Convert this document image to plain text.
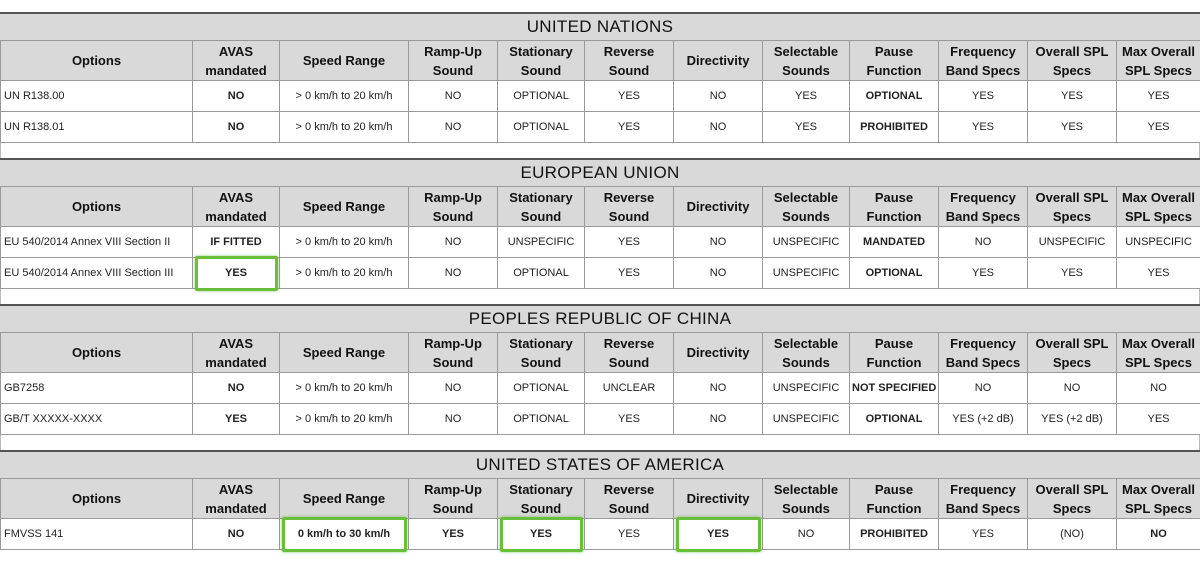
UNITED NATIONS
Options	AVAS mandated	Speed Range	Ramp-Up Sound	Stationary Sound	Reverse Sound	Directivity	Selectable Sounds	Pause Function	Frequency Band Specs	Overall SPL Specs	Max Overall SPL Specs
UN R138.00	NO	> 0 km/h to 20 km/h	NO	OPTIONAL	YES	NO	YES	OPTIONAL	YES	YES	YES
UN R138.01	NO	> 0 km/h to 20 km/h	NO	OPTIONAL	YES	NO	YES	PROHIBITED	YES	YES	YES
EUROPEAN UNION
Options	AVAS mandated	Speed Range	Ramp-Up Sound	Stationary Sound	Reverse Sound	Directivity	Selectable Sounds	Pause Function	Frequency Band Specs	Overall SPL Specs	Max Overall SPL Specs
EU 540/2014 Annex VIII Section II	IF FITTED	> 0 km/h to 20 km/h	NO	UNSPECIFIC	YES	NO	UNSPECIFIC	MANDATED	NO	UNSPECIFIC	UNSPECIFIC
EU 540/2014 Annex VIII Section III	YES	> 0 km/h to 20 km/h	NO	OPTIONAL	YES	NO	UNSPECIFIC	OPTIONAL	YES	YES	YES
PEOPLES REPUBLIC OF CHINA
Options	AVAS mandated	Speed Range	Ramp-Up Sound	Stationary Sound	Reverse Sound	Directivity	Selectable Sounds	Pause Function	Frequency Band Specs	Overall SPL Specs	Max Overall SPL Specs
GB7258	NO	> 0 km/h to 20 km/h	NO	OPTIONAL	UNCLEAR	NO	UNSPECIFIC	NOT SPECIFIED	NO	NO	NO
GB/T XXXXX-XXXX	YES	> 0 km/h to 20 km/h	NO	OPTIONAL	YES	NO	UNSPECIFIC	OPTIONAL	YES (+2 dB)	YES (+2 dB)	YES
UNITED STATES OF AMERICA
Options	AVAS mandated	Speed Range	Ramp-Up Sound	Stationary Sound	Reverse Sound	Directivity	Selectable Sounds	Pause Function	Frequency Band Specs	Overall SPL Specs	Max Overall SPL Specs
FMVSS 141	NO	0 km/h to 30 km/h	YES	YES	YES	YES	NO	PROHIBITED	YES	(NO)	NO
